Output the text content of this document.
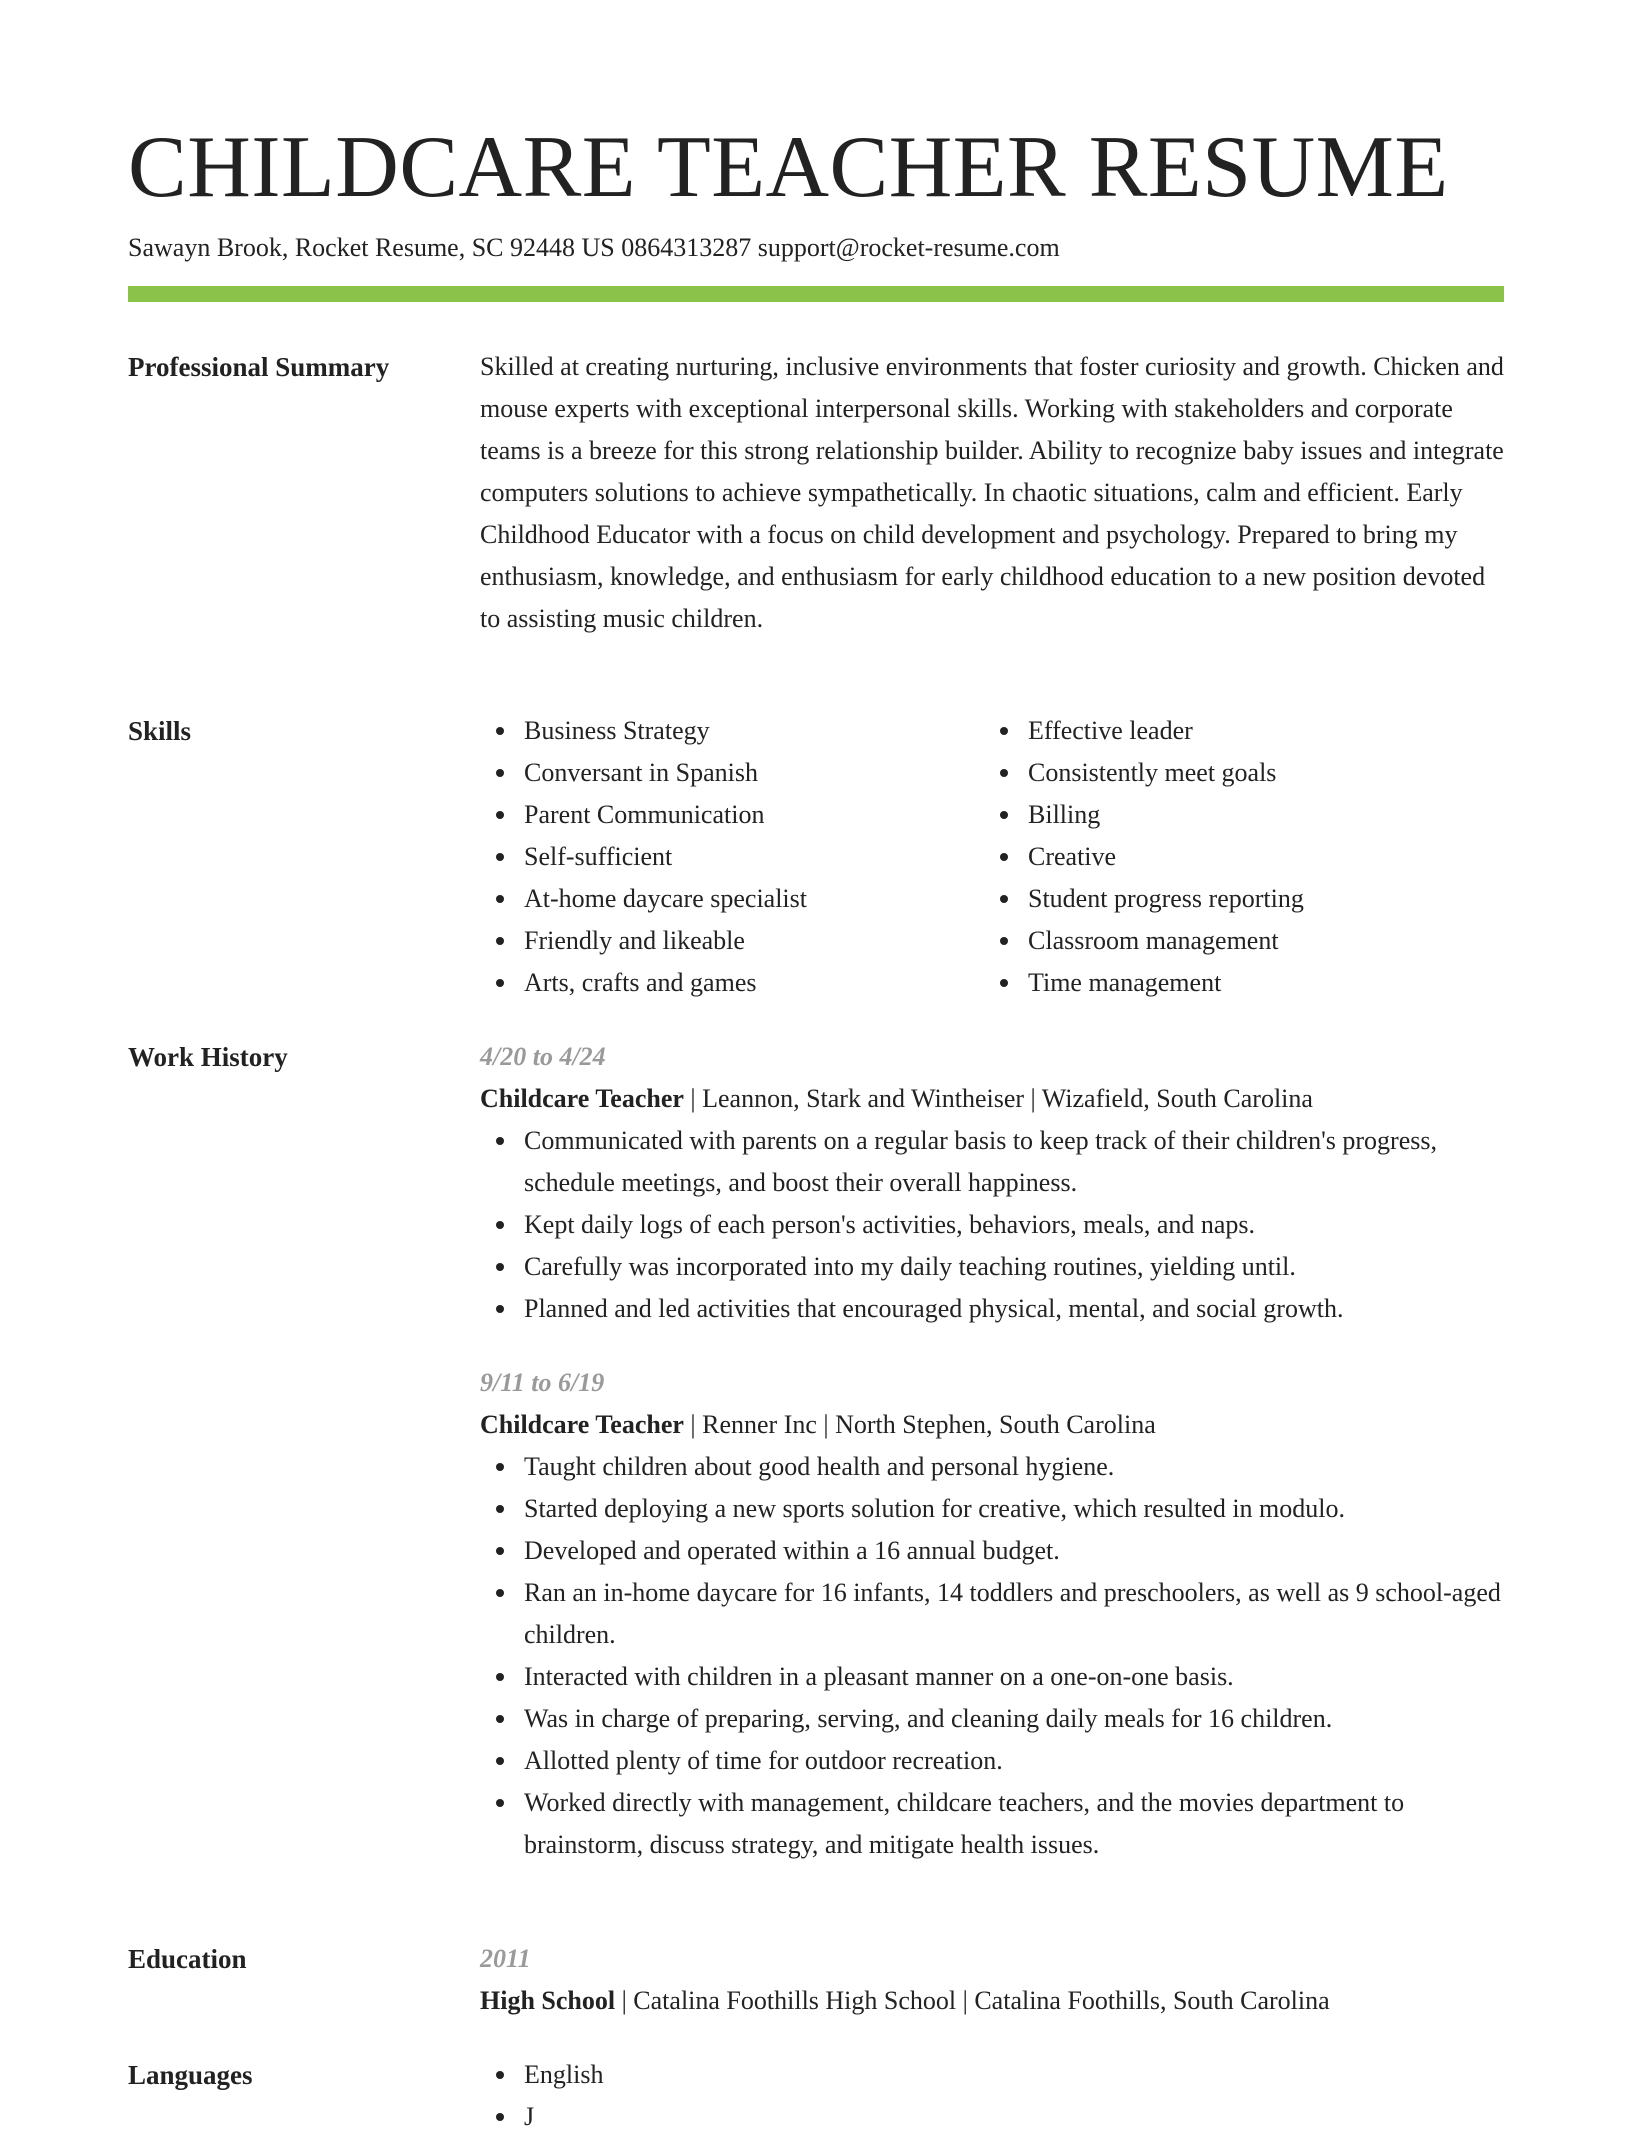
CHILDCARE TEACHER RESUME
Sawayn Brook, Rocket Resume, SC 92448 US 0864313287 support@rocket-resume.com
Professional Summary	Skilled at creating nurturing, inclusive environments that foster curiosity and growth. Chicken and mouse experts with exceptional interpersonal skills. Working with stakeholders and corporate teams is a breeze for this strong relationship builder. Ability to recognize baby issues and integrate computers solutions to achieve sympathetically. In chaotic situations, calm and efficient. Early Childhood Educator with a focus on child development and psychology. Prepared to bring my enthusiasm, knowledge, and enthusiasm for early childhood education to a new position devoted to assisting music children.

Skills	Business Strategy
Conversant in Spanish
Parent Communication
Self-sufficient
At-home daycare specialist
Friendly and likeable
Arts, crafts and games
Effective leader
Consistently meet goals
Billing
Creative
Student progress reporting
Classroom management
Time management
Work History	4/20 to 4/24
Childcare Teacher | Leannon, Stark and Wintheiser | Wizafield, South Carolina
Communicated with parents on a regular basis to keep track of their children's progress, schedule meetings, and boost their overall happiness.
Kept daily logs of each person's activities, behaviors, meals, and naps.
Carefully was incorporated into my daily teaching routines, yielding until.
Planned and led activities that encouraged physical, mental, and social growth.
9/11 to 6/19
Childcare Teacher | Renner Inc | North Stephen, South Carolina
Taught children about good health and personal hygiene.
Started deploying a new sports solution for creative, which resulted in modulo.
Developed and operated within a 16 annual budget.
Ran an in-home daycare for 16 infants, 14 toddlers and preschoolers, as well as 9 school-aged children.
Interacted with children in a pleasant manner on a one-on-one basis.
Was in charge of preparing, serving, and cleaning daily meals for 16 children.
Allotted plenty of time for outdoor recreation.
Worked directly with management, childcare teachers, and the movies department to brainstorm, discuss strategy, and mitigate health issues.
Education	2011
High School | Catalina Foothills High School | Catalina Foothills, South Carolina
Languages	English
J
